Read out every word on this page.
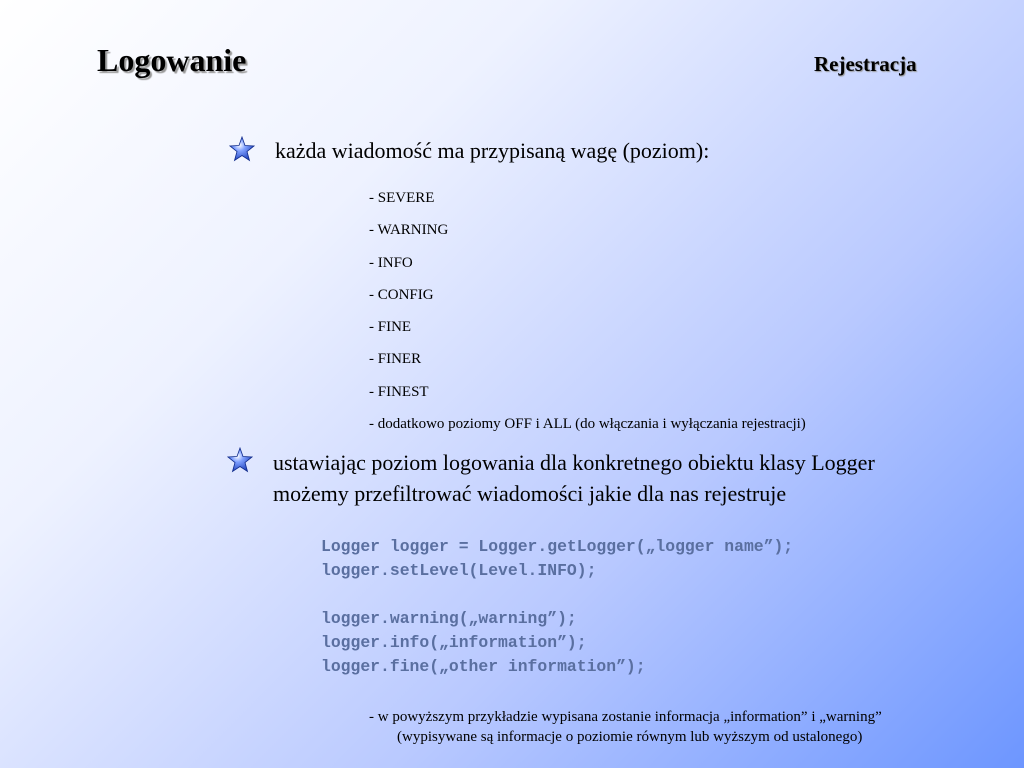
Logowanie	Rejestracja
każda wiadomość ma przypisaną wagę (poziom):
- SEVERE
- WARNING
- INFO
- CONFIG
- FINE
- FINER
- FINEST
- dodatkowo poziomy OFF i ALL (do włączania i wyłączania rejestracji)
ustawiając poziom logowania dla konkretnego obiektu klasy Logger
możemy przefiltrować wiadomości jakie dla nas rejestruje
Logger logger = Logger.getLogger(„logger name”);
logger.setLevel(Level.INFO);
logger.warning(„warning”);
logger.info(„information”);
logger.fine(„other information”);
- w powyższym przykładzie wypisana zostanie informacja „information” i „warning”
(wypisywane są informacje o poziomie równym lub wyższym od ustalonego)
